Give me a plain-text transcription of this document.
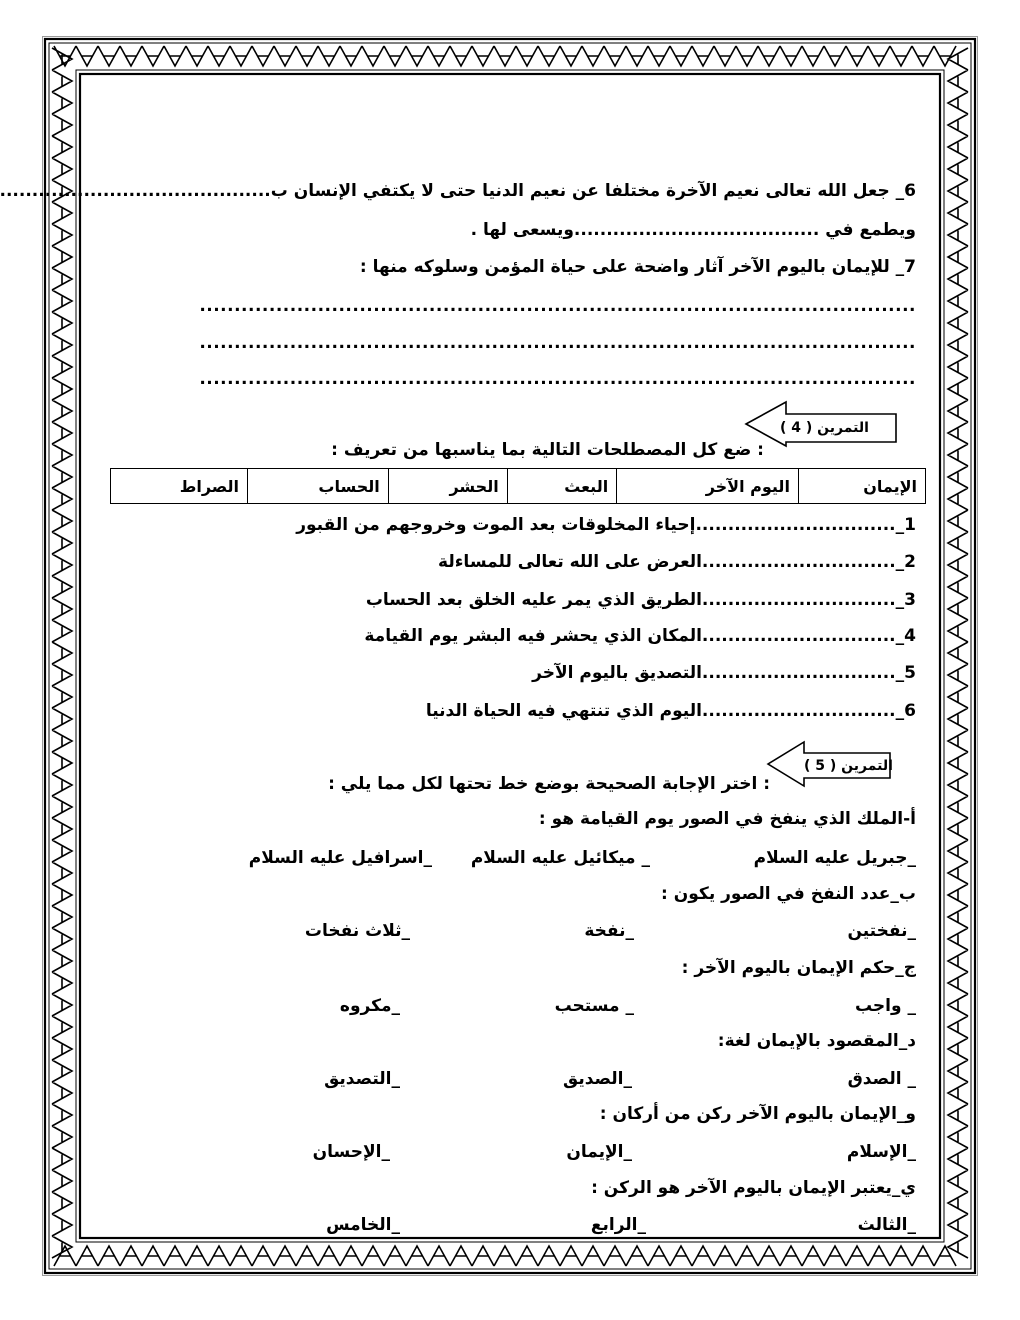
6_ جعل الله تعالى نعيم الآخرة مختلفا عن نعيم الدنيا حتى لا يكتفي الإنسان ب..........................................
ويطمع في ......................................ويسعى لها .
7_ للإيمان باليوم الآخر آثار واضحة على حياة المؤمن وسلوكه منها :
.......................................................................................................
.......................................................................................................
.......................................................................................................
التمرين ( 4 )
: ضع كل المصطلحات التالية بما يناسبها من تعريف :
الإيمان	اليوم الآخر	البعث	الحشر	الحساب	الصراط
1_...............................إحياء المخلوقات بعد الموت وخروجهم من القبور
2_..............................العرض على الله تعالى للمساءلة
3_..............................الطريق الذي يمر عليه الخلق بعد الحساب
4_..............................المكان الذي يحشر فيه البشر يوم القيامة
5_..............................التصديق باليوم الآخر
6_..............................اليوم الذي تنتهي فيه الحياة الدنيا
التمرين ( 5 )
: اختر الإجابة الصحيحة بوضع خط تحتها لكل مما يلي :
أ-الملك الذي ينفخ في الصور يوم القيامة هو :
_جبريل عليه السلام
_ ميكائيل عليه السلام
_اسرافيل عليه السلام
ب_عدد النفخ في الصور يكون :
_نفختين
_نفخة
_ثلاث نفخات
ج_حكم الإيمان باليوم الآخر :
_ واجب
_ مستحب
_مكروه
د_المقصود بالإيمان لغة:
_ الصدق
_الصديق
_التصديق
و_الإيمان باليوم الآخر ركن من أركان :
_الإسلام
_الإيمان
_الإحسان
ي_يعتبر الإيمان باليوم الآخر هو الركن :
_الثالث
_الرابع
_الخامس
